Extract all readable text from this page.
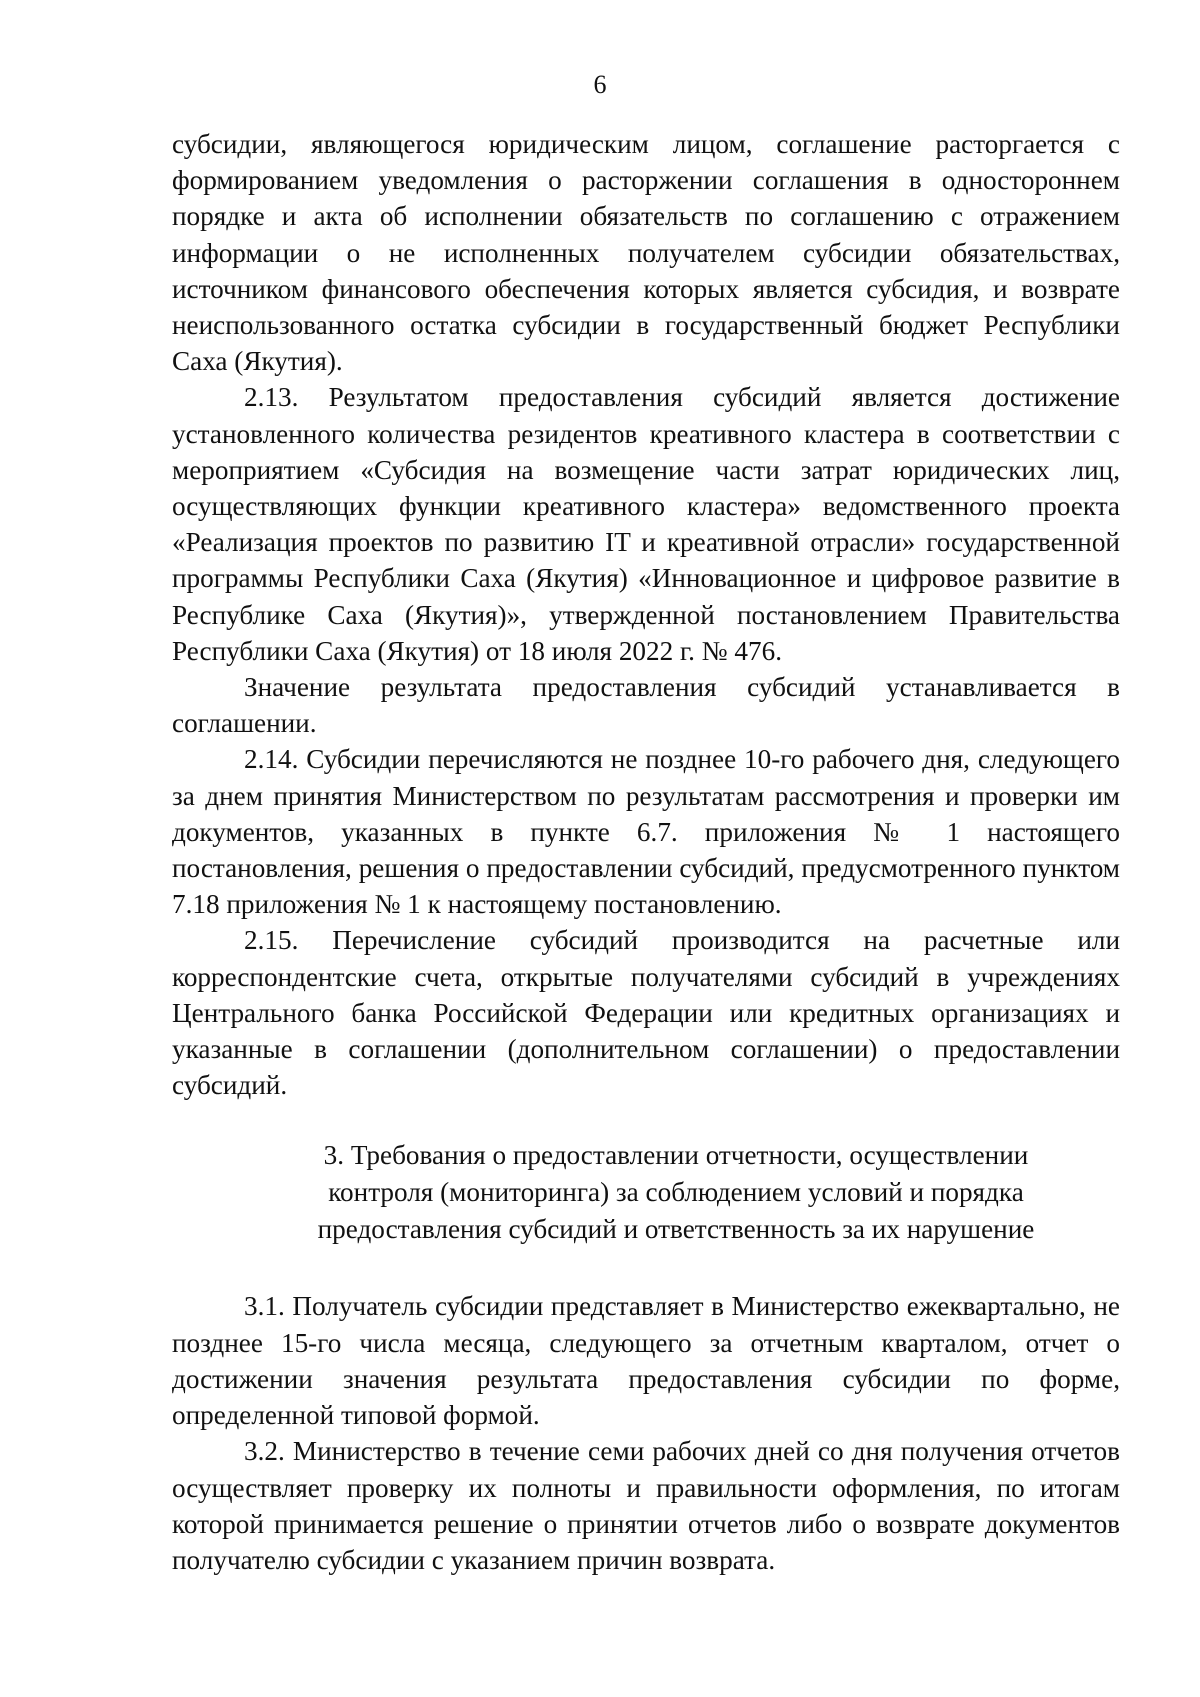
6

субсидии, являющегося юридическим лицом, соглашение расторгается с формированием уведомления о расторжении соглашения в одностороннем порядке и акта об исполнении обязательств по соглашению с отражением информации о не исполненных получателем субсидии обязательствах, источником финансового обеспечения которых является субсидия, и возврате неиспользованного остатка субсидии в государственный бюджет Республики Саха (Якутия).

2.13. Результатом предоставления субсидий является достижение установленного количества резидентов креативного кластера в соответствии с мероприятием «Субсидия на возмещение части затрат юридических лиц, осуществляющих функции креативного кластера» ведомственного проекта «Реализация проектов по развитию IT и креативной отрасли» государственной программы Республики Саха (Якутия) «Инновационное и цифровое развитие в Республике Саха (Якутия)», утвержденной постановлением Правительства Республики Саха (Якутия) от 18 июля 2022 г. № 476.

Значение результата предоставления субсидий устанавливается в соглашении.

2.14. Субсидии перечисляются не позднее 10-го рабочего дня, следующего за днем принятия Министерством по результатам рассмотрения и проверки им документов, указанных в пункте 6.7. приложения № 1 настоящего постановления, решения о предоставлении субсидий, предусмотренного пунктом 7.18 приложения № 1 к настоящему постановлению.

2.15. Перечисление субсидий производится на расчетные или корреспондентские счета, открытые получателями субсидий в учреждениях Центрального банка Российской Федерации или кредитных организациях и указанные в соглашении (дополнительном соглашении) о предоставлении субсидий.

3. Требования о предоставлении отчетности, осуществлении
контроля (мониторинга) за соблюдением условий и порядка
предоставления субсидий и ответственность за их нарушение

3.1. Получатель субсидии представляет в Министерство ежеквартально, не позднее 15-го числа месяца, следующего за отчетным кварталом, отчет о достижении значения результата предоставления субсидии по форме, определенной типовой формой.

3.2. Министерство в течение семи рабочих дней со дня получения отчетов осуществляет проверку их полноты и правильности оформления, по итогам которой принимается решение о принятии отчетов либо о возврате документов получателю субсидии с указанием причин возврата.
